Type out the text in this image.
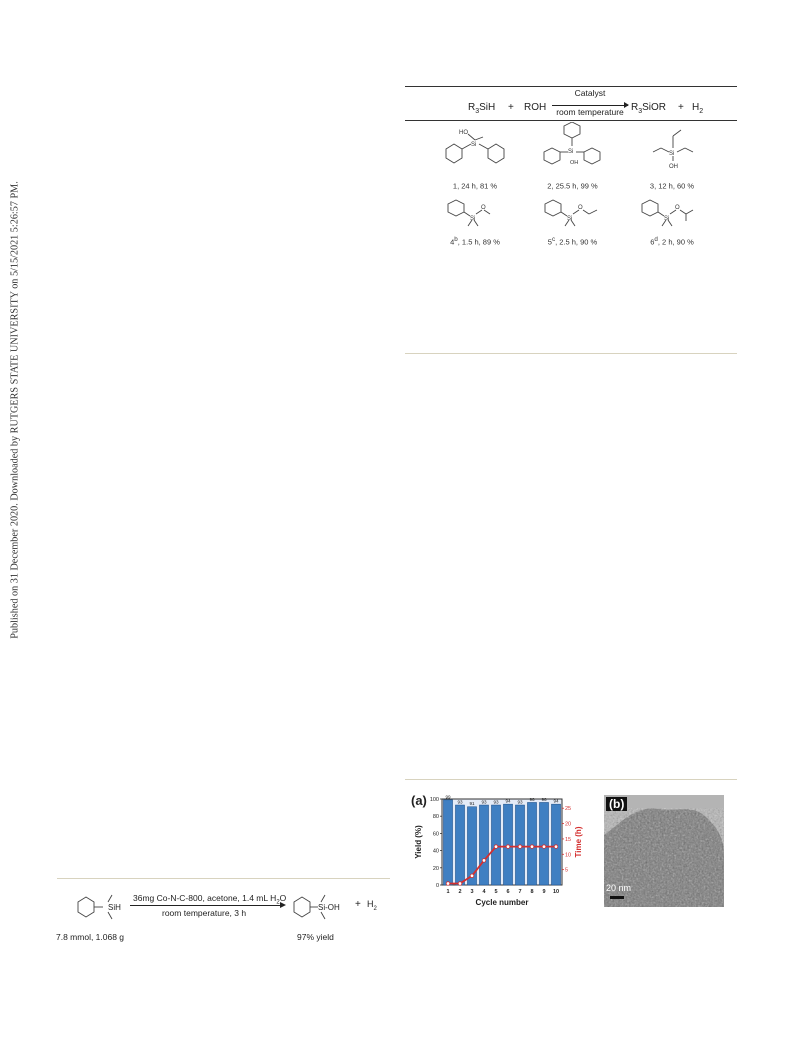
Published on 31 December 2020. Downloaded by RUTGERS STATE UNIVERSITY on 5/15/2021 5:26:57 PM.
$R_3SiH$ + ROH
Catalyst
room temperature $R_3SiOR + H_2$
Si
HO
Si
OH
Si
OH
1, 24 h, 81 %	2, 25.5 h, 99 %	3, 12 h, 60 %
Si
O
Si
O
Si
O
4$^b$, 1.5 h, 89 %	5$^c$, 2.5 h, 90 %	6$^d$, 2 h, 90 %
SiH
36mg Co-N-C-800, acetone, 1.4 mL $H_2O$
room temperature, 3 h
$Si-OH + H_2$
7.8 mmol, 1.068 g	97% yield
(a)	99
93 91 93 93 94 93
96 96 94
0
20
40
60
80
100
5
10
15
20
25
1 2 3 4 5 6 7 8 9 10
Yield (%)	Time (h)
Cycle number
(b)
20 nm
